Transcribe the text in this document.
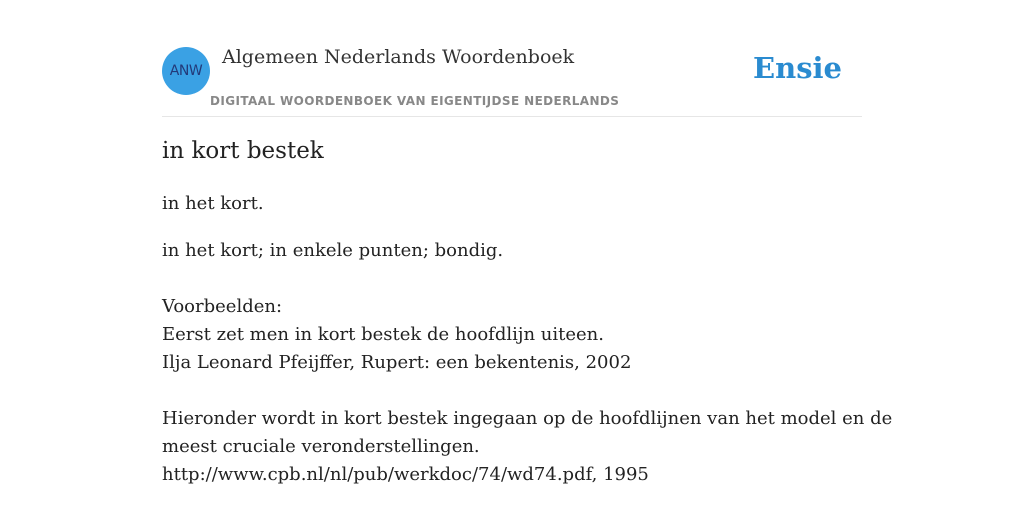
ANW
Algemeen Nederlands Woordenboek
DIGITAAL WOORDENBOEK VAN EIGENTIJDSE NEDERLANDS
Ensie
in kort bestek
in het kort.
in het kort; in enkele punten; bondig.
Voorbeelden:
Eerst zet men in kort bestek de hoofdlijn uiteen.
Ilja Leonard Pfeijffer, Rupert: een bekentenis, 2002
Hieronder wordt in kort bestek ingegaan op de hoofdlijnen van het model en de
meest cruciale veronderstellingen.
http://www.cpb.nl/nl/pub/werkdoc/74/wd74.pdf, 1995
